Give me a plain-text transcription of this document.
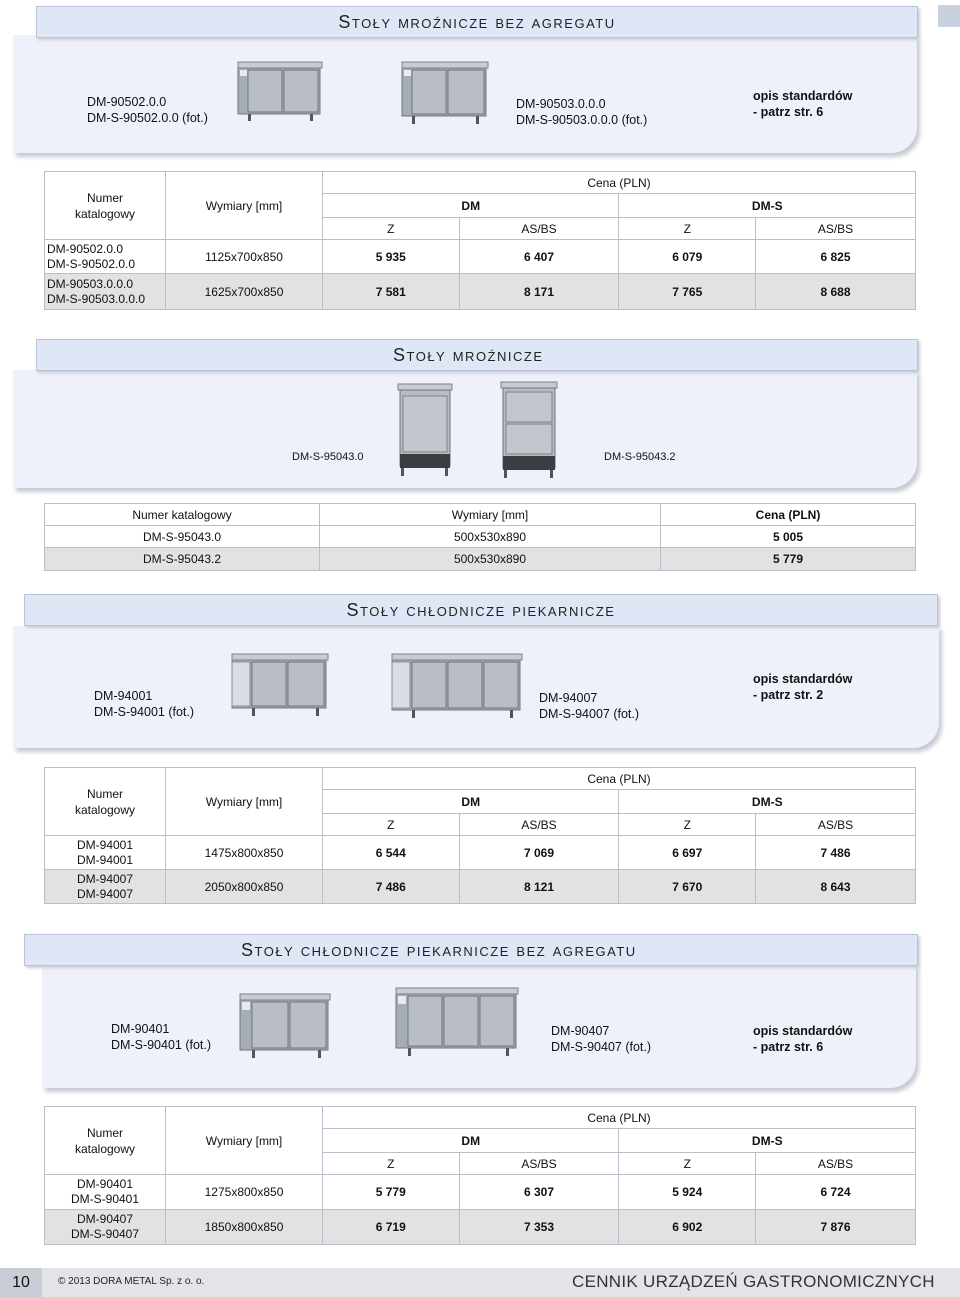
Stoły mroźnicze bez agregatu
DM-90502.0.0
DM-S-90502.0.0 (fot.)
DM-90503.0.0.0
DM-S-90503.0.0.0 (fot.)
opis standardów
- patrz str. 6
Numer
katalogowy	Wymiary [mm]	Cena (PLN)			
		DM		DM-S	
		Z	AS/BS	Z	AS/BS
DM-90502.0.0
DM-S-90502.0.0	1125x700x850	5 935	6 407	6 079	6 825
DM-90503.0.0.0
DM-S-90503.0.0.0	1625x700x850	7 581	8 171	7 765	8 688
Stoły mroźnicze
DM-S-95043.0	DM-S-95043.2
Numer katalogowy	Wymiary [mm]	Cena (PLN)
DM-S-95043.0	500x530x890	5 005
DM-S-95043.2	500x530x890	5 779
Stoły chłodnicze piekarnicze
DM-94001
DM-S-94001 (fot.)
DM-94007
DM-S-94007 (fot.)
opis standardów
- patrz str. 2
Numer
katalogowy	Wymiary [mm]	Cena (PLN)			
		DM		DM-S	
		Z	AS/BS	Z	AS/BS
DM-94001
DM-94001	1475x800x850	6 544	7 069	6 697	7 486
DM-94007
DM-94007	2050x800x850	7 486	8 121	7 670	8 643
Stoły chłodnicze piekarnicze bez agregatu
DM-90401
DM-S-90401 (fot.)
DM-90407
DM-S-90407 (fot.)
opis standardów
- patrz str. 6
Numer
katalogowy	Wymiary [mm]	Cena (PLN)			
		DM		DM-S	
		Z	AS/BS	Z	AS/BS
DM-90401
DM-S-90401	1275x800x850	5 779	6 307	5 924	6 724
DM-90407
DM-S-90407	1850x800x850	6 719	7 353	6 902	7 876
10	© 2013 DORA METAL Sp. z o. o.	CENNIK URZĄDZEŃ GASTRONOMICZNYCH
